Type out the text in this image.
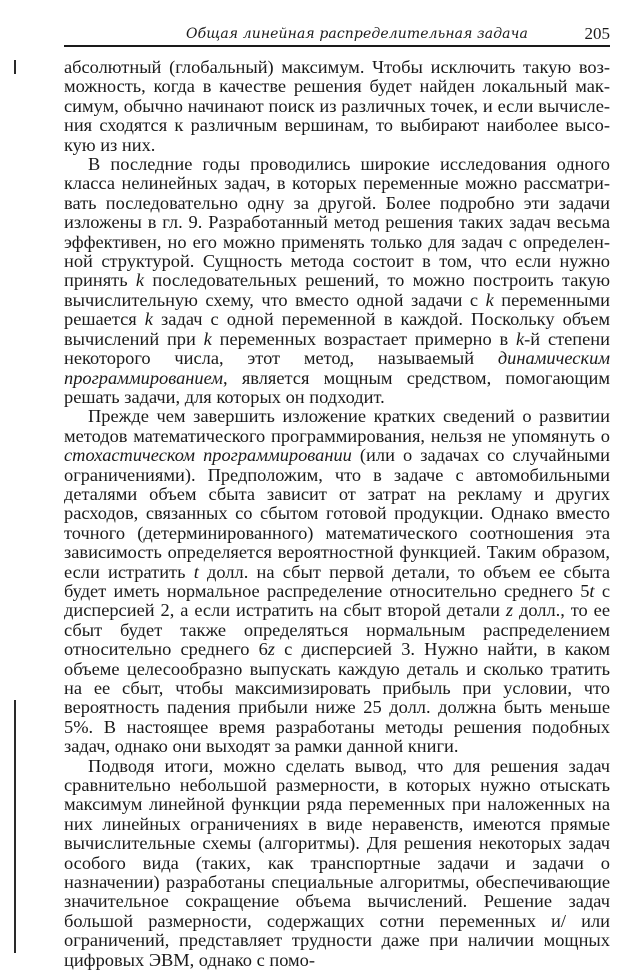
Общая линейная распределительная задача	205

абсолютный (глобальный) максимум. Чтобы исключить такую возможность, когда в качестве решения будет найден локальный максимум, обычно начинают поиск из различных точек, и если вычисления сходятся к различным вершинам, то выбирают наиболее высокую из них.

В последние годы проводились широкие исследования одного класса нелинейных задач, в которых переменные можно рассматривать последовательно одну за другой. Более подробно эти задачи изложены в гл. 9. Разработанный метод решения таких задач весьма эффективен, но его можно применять только для задач с определенной структурой. Сущность метода состоит в том, что если нужно принять k последовательных решений, то можно построить такую вычислительную схему, что вместо одной задачи с k переменными решается k задач с одной переменной в каждой. Поскольку объем вычислений при k переменных возрастает примерно в k-й степени некоторого числа, этот метод, называемый динамическим программированием, является мощным средством, помогающим решать задачи, для которых он подходит.

Прежде чем завершить изложение кратких сведений о развитии методов математического программирования, нельзя не упомянуть о стохастическом программировании (или о задачах со случайными ограничениями). Предположим, что в задаче с автомобильными деталями объем сбыта зависит от затрат на рекламу и других расходов, связанных со сбытом готовой продукции. Однако вместо точного (детерминированного) математического соотношения эта зависимость определяется вероятностной функцией. Таким образом, если истратить t долл. на сбыт первой детали, то объем ее сбыта будет иметь нормальное распределение относительно среднего 5t с дисперсией 2, а если истратить на сбыт второй детали z долл., то ее сбыт будет также определяться нормальным распределением относительно среднего 6z с дисперсией 3. Нужно найти, в каком объеме целесообразно выпускать каждую деталь и сколько тратить на ее сбыт, чтобы максимизировать прибыль при условии, что вероятность падения прибыли ниже 25 долл. должна быть меньше 5%. В настоящее время разработаны методы решения подобных задач, однако они выходят за рамки данной книги.

Подводя итоги, можно сделать вывод, что для решения задач сравнительно небольшой размерности, в которых нужно отыскать максимум линейной функции ряда переменных при наложенных на них линейных ограничениях в виде неравенств, имеются прямые вычислительные схемы (алгоритмы). Для решения некоторых задач особого вида (таких, как транспортные задачи и задачи о назначении) разработаны специальные алгоритмы, обеспечивающие значительное сокращение объема вычислений. Решение задач большой размерности, содержащих сотни переменных и/ или ограничений, представляет трудности даже при наличии мощных цифровых ЭВМ, однако с помо-
